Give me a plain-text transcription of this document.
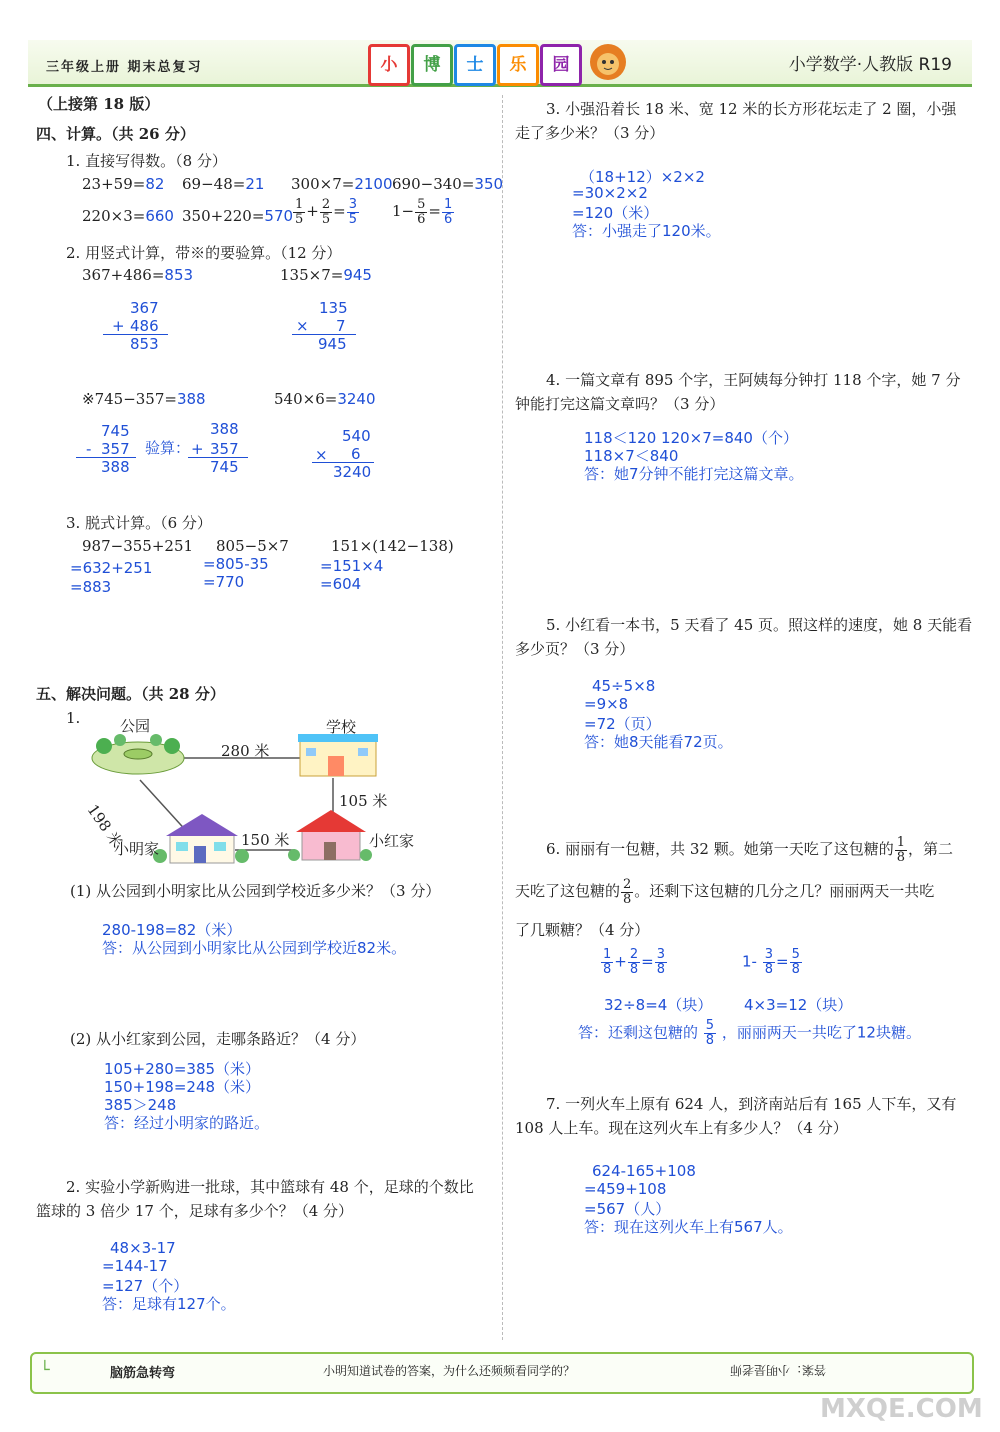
三年级上册 期末总复习	小	博	士	乐	园	小学数学·人教版 R19
（上接第 18 版）
四、计算。（共 26 分）
1. 直接写得数。（8 分）
23+59=82 69−48=21 300×7=2100 690−340=350
220×3=660 $350+220=570 \frac{1}{5} + \frac{2}{5} = \frac{3}{5} 1- \frac{5}{6} = \frac{1}{6}$
2. 用竖式计算，带※的要验算。（12 分）
367+486=853	135×7=945
367
+ 486
853
135
× 7
945
※745−357=388	540×6=3240
745
- 357
388
验算：
388
+ 357
745
540
× 6
3240
3. 脱式计算。（6 分）
987−355+251
=632+251
=883
805−5×7
=805-35
=770
151×(142−138)
=151×4
=604
五、解决问题。（共 28 分）
1.	公园	学校
小明家	小红家
280 米
198 米
105 米
150 米
(1) 从公园到小明家比从公园到学校近多少米？（3 分）
280-198=82（米）
答：从公园到小明家比从公园到学校近82米。
(2) 从小红家到公园，走哪条路近？（4 分）
105+280=385（米）
150+198=248（米）
385＞248
答：经过小明家的路近。
2. 实验小学新购进一批球，其中篮球有 48 个，足球的个数比
篮球的 3 倍少 17 个，足球有多少个？（4 分）
48×3-17
=144-17
=127（个）
答：足球有127个。
3. 小强沿着长 18 米、宽 12 米的长方形花坛走了 2 圈，小强
走了多少米？（3 分）
（18+12）×2×2
=30×2×2
=120（米）
答：小强走了120米。
4. 一篇文章有 895 个字，王阿姨每分钟打 118 个字，她 7 分
钟能打完这篇文章吗？（3 分）
118＜120 120×7=840（个）
118×7＜840
答：她7分钟不能打完这篇文章。
5. 小红看一本书，5 天看了 45 页。照这样的速度，她 8 天能看
多少页？（3 分）
45÷5×8
=9×8
=72（页）
答：她8天能看72页。
6. 丽丽有一包糖，共 32 颗。她第一天吃了这包糖的 $\frac{1}{8}$ ，第二
天吃了这包糖的 $\frac{2}{8}$ 。还剩下这包糖的几分之几？丽丽两天一共吃
了几颗糖？（4 分）
$\frac{1}{8} + \frac{2}{8} = \frac{3}{8}$	$1- \frac{3}{8} = \frac{5}{8}$
32÷8=4（块） 4×3=12（块）
答：还剩这包糖的 $\frac{5}{8}$ ，丽丽两天一共吃了12块糖。
7. 一列火车上原有 624 人，到济南站后有 165 人下车，又有
108 人上车。现在这列火车上有多少人？（4 分）
624-165+108
=459+108
=567（人）
答：现在这列火车上有567人。
└	脑筋急转弯	小明知道试卷的答案，为什么还频频看同学的？	答案：小明是老师
MXQE.COM
